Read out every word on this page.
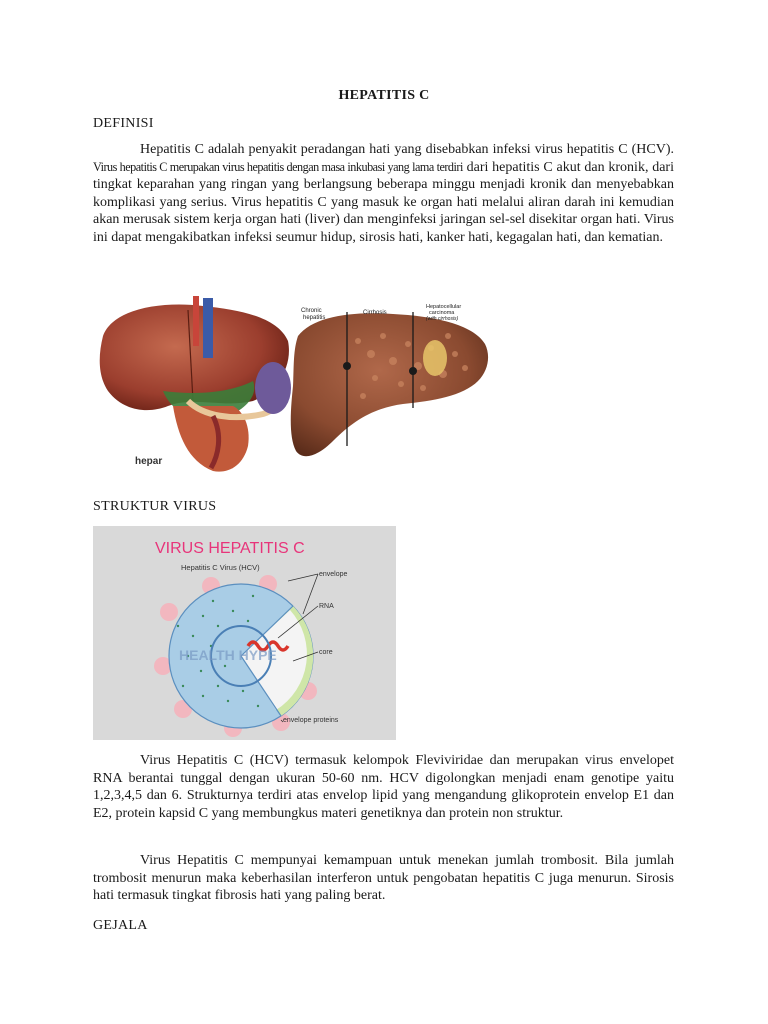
HEPATITIS C
DEFINISI
Hepatitis C adalah penyakit peradangan hati yang disebabkan infeksi virus hepatitis C (HCV). Virus hepatitis C merupakan virus hepatitis dengan masa inkubasi yang lama terdiri dari hepatitis C akut dan kronik, dari tingkat keparahan yang ringan yang berlangsung beberapa minggu menjadi kronik dan menyebabkan komplikasi yang serius. Virus hepatitis C yang masuk ke organ hati melalui aliran darah ini kemudian akan merusak sistem kerja organ hati (liver) dan menginfeksi jaringan sel-sel disekitar organ hati. Virus ini dapat mengakibatkan infeksi seumur hidup, sirosis hati, kanker hati, kegagalan hati, dan kematian.
hepar
Chronic
hepatitis
Cirrhosis
Hepatocellular
carcinoma
(with cirrhosis)
STRUKTUR VIRUS
VIRUS HEPATITIS C
Hepatitis C Virus (HCV)
HEALTH HYPE
envelope
RNA
core
envelope proteins
Virus Hepatitis C (HCV) termasuk kelompok Fleviviridae dan merupakan virus envelopet RNA berantai tunggal dengan ukuran 50-60 nm. HCV digolongkan menjadi enam genotipe yaitu 1,2,3,4,5 dan 6. Strukturnya terdiri atas envelop lipid yang mengandung glikoprotein envelop E1 dan E2, protein kapsid C yang membungkus materi genetiknya dan protein non struktur.
Virus Hepatitis C mempunyai kemampuan untuk menekan jumlah trombosit. Bila jumlah trombosit menurun maka keberhasilan interferon untuk pengobatan hepatitis C juga menurun. Sirosis hati termasuk tingkat fibrosis hati yang paling berat.
GEJALA
